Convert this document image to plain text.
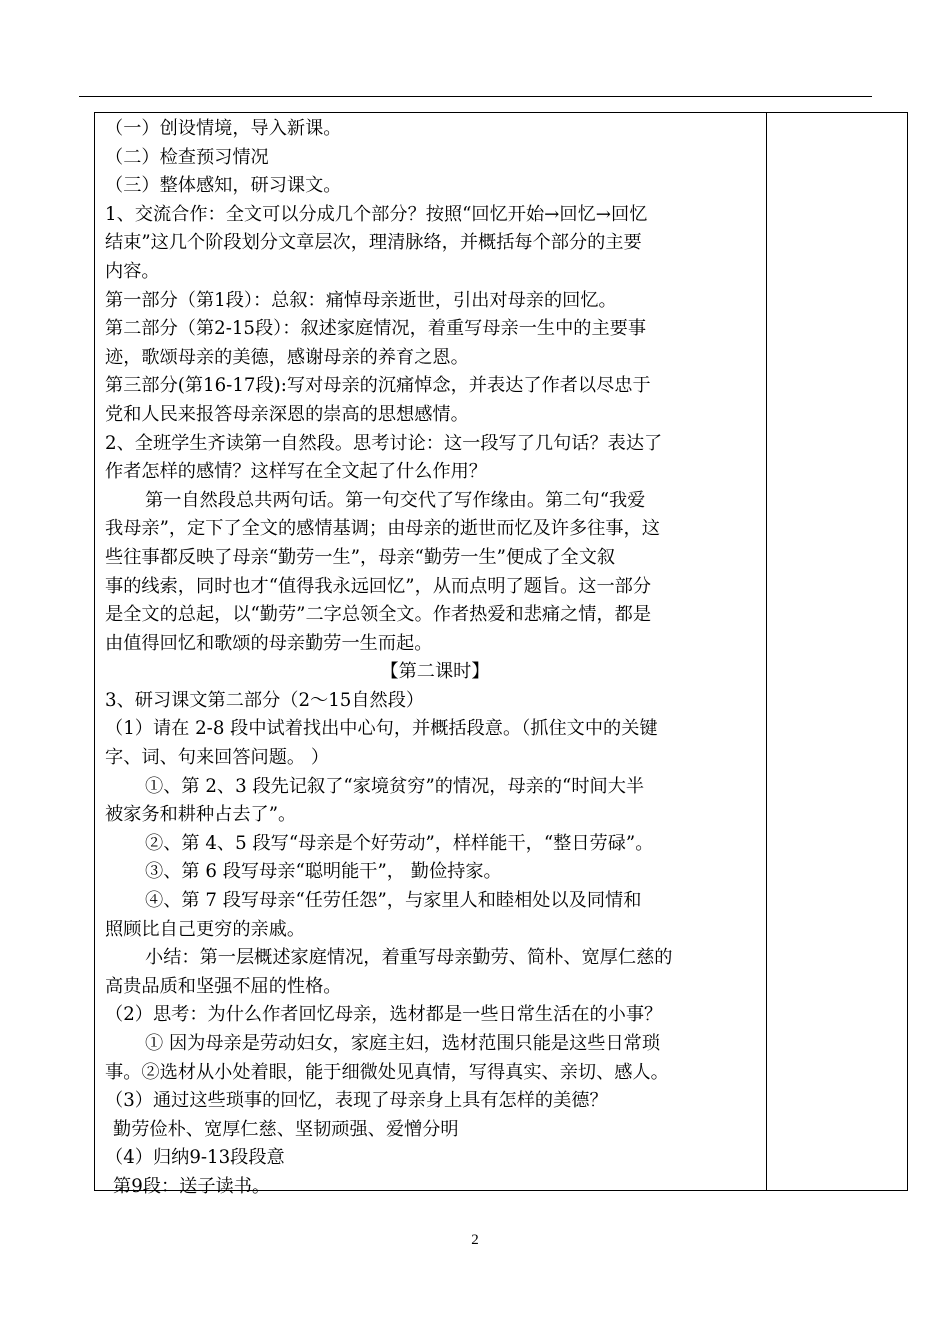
（一）创设情境，导入新课。

（二）检查预习情况

（三）整体感知，研习课文。

1、交流合作：全文可以分成几个部分？按照“回忆开始→回忆→回忆

结束”这几个阶段划分文章层次，理清脉络，并概括每个部分的主要

内容。

第一部分（第1段）：总叙：痛悼母亲逝世，引出对母亲的回忆。

第二部分（第2-15段）：叙述家庭情况，着重写母亲一生中的主要事

迹，歌颂母亲的美德，感谢母亲的养育之恩。

第三部分(第16-17段):写对母亲的沉痛悼念，并表达了作者以尽忠于

党和人民来报答母亲深恩的崇高的思想感情。

2、全班学生齐读第一自然段。思考讨论：这一段写了几句话？表达了

作者怎样的感情？这样写在全文起了什么作用？

第一自然段总共两句话。第一句交代了写作缘由。第二句“我爱

我母亲”，定下了全文的感情基调；由母亲的逝世而忆及许多往事，这

些往事都反映了母亲“勤劳一生”，母亲“勤劳一生”便成了全文叙

事的线索，同时也才“值得我永远回忆”，从而点明了题旨。这一部分

是全文的总起，以“勤劳”二字总领全文。作者热爱和悲痛之情，都是

由值得回忆和歌颂的母亲勤劳一生而起。

【第二课时】

3、研习课文第二部分（2～15自然段）

（1）请在 2-8 段中试着找出中心句，并概括段意。（抓住文中的关键

字、词、句来回答问题。 ）

①、第 2、3 段先记叙了“家境贫穷”的情况，母亲的“时间大半

被家务和耕种占去了”。

②、第 4、5 段写“母亲是个好劳动”，样样能干，“整日劳碌”。

③、第 6 段写母亲“聪明能干”， 勤俭持家。

④、第 7 段写母亲“任劳任怨”，与家里人和睦相处以及同情和

照顾比自己更穷的亲戚。

小结：第一层概述家庭情况，着重写母亲勤劳、简朴、宽厚仁慈的

高贵品质和坚强不屈的性格。

（2）思考：为什么作者回忆母亲，选材都是一些日常生活在的小事？

① 因为母亲是劳动妇女，家庭主妇，选材范围只能是这些日常琐

事。②选材从小处着眼，能于细微处见真情，写得真实、亲切、感人。

（3）通过这些琐事的回忆，表现了母亲身上具有怎样的美德？

勤劳俭朴、宽厚仁慈、坚韧顽强、爱憎分明

（4）归纳9-13段段意

第9段：送子读书。

2
